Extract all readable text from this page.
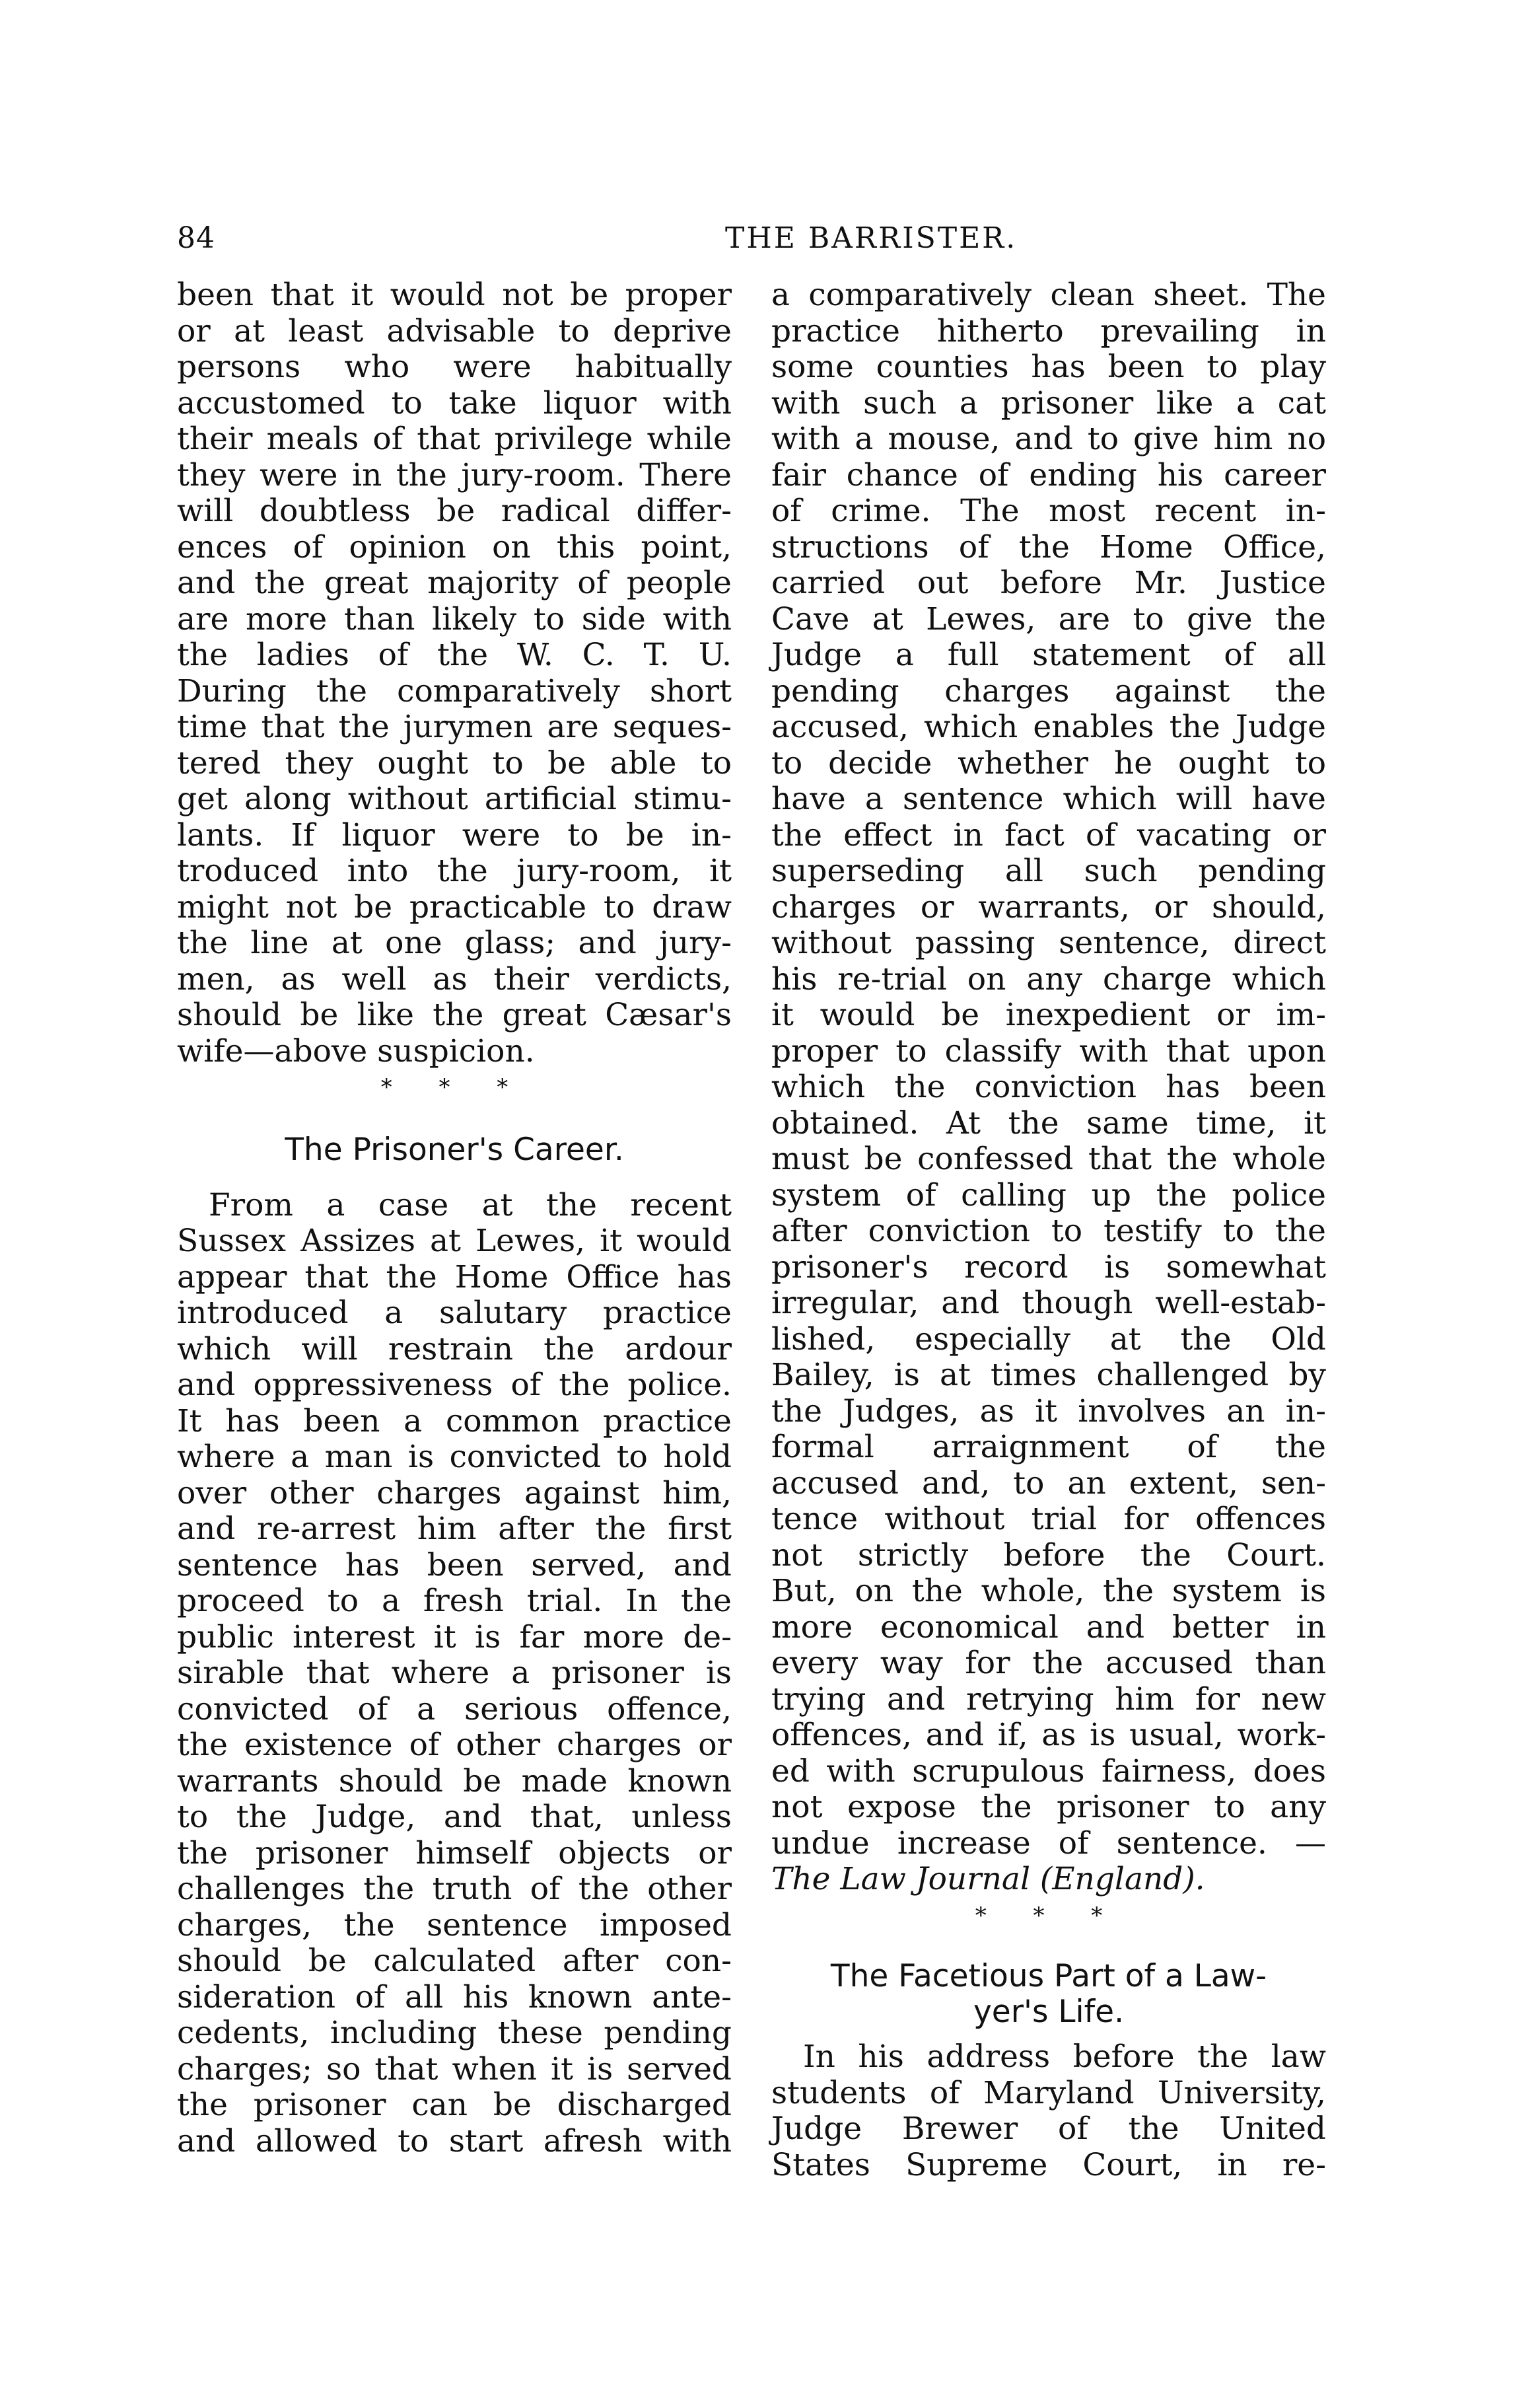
84	THE BARRISTER.
been that it would not be proper
or at least advisable to deprive
persons who were habitually
accustomed to take liquor with
their meals of that privilege while
they were in the jury-room. There
will doubtless be radical differ-
ences of opinion on this point,
and the great majority of people
are more than likely to side with
the ladies of the W. C. T. U.
During the comparatively short
time that the jurymen are seques-
tered they ought to be able to
get along without artificial stimu-
lants. If liquor were to be in-
troduced into the jury-room, it
might not be practicable to draw
the line at one glass; and jury-
men, as well as their verdicts,
should be like the great Cæsar's
wife—above suspicion.
* * *
The Prisoner's Career.
From a case at the recent
Sussex Assizes at Lewes, it would
appear that the Home Office has
introduced a salutary practice
which will restrain the ardour
and oppressiveness of the police.
It has been a common practice
where a man is convicted to hold
over other charges against him,
and re-arrest him after the first
sentence has been served, and
proceed to a fresh trial. In the
public interest it is far more de-
sirable that where a prisoner is
convicted of a serious offence,
the existence of other charges or
warrants should be made known
to the Judge, and that, unless
the prisoner himself objects or
challenges the truth of the other
charges, the sentence imposed
should be calculated after con-
sideration of all his known ante-
cedents, including these pending
charges; so that when it is served
the prisoner can be discharged
and allowed to start afresh with
a comparatively clean sheet. The
practice hitherto prevailing in
some counties has been to play
with such a prisoner like a cat
with a mouse, and to give him no
fair chance of ending his career
of crime. The most recent in-
structions of the Home Office,
carried out before Mr. Justice
Cave at Lewes, are to give the
Judge a full statement of all
pending charges against the
accused, which enables the Judge
to decide whether he ought to
have a sentence which will have
the effect in fact of vacating or
superseding all such pending
charges or warrants, or should,
without passing sentence, direct
his re-trial on any charge which
it would be inexpedient or im-
proper to classify with that upon
which the conviction has been
obtained. At the same time, it
must be confessed that the whole
system of calling up the police
after conviction to testify to the
prisoner's record is somewhat
irregular, and though well-estab-
lished, especially at the Old
Bailey, is at times challenged by
the Judges, as it involves an in-
formal arraignment of the
accused and, to an extent, sen-
tence without trial for offences
not strictly before the Court.
But, on the whole, the system is
more economical and better in
every way for the accused than
trying and retrying him for new
offences, and if, as is usual, work-
ed with scrupulous fairness, does
not expose the prisoner to any
undue increase of sentence. —
The Law Journal (England).
* * *
The Facetious Part of a Law-
yer's Life.
In his address before the law
students of Maryland University,
Judge Brewer of the United
States Supreme Court, in re-
